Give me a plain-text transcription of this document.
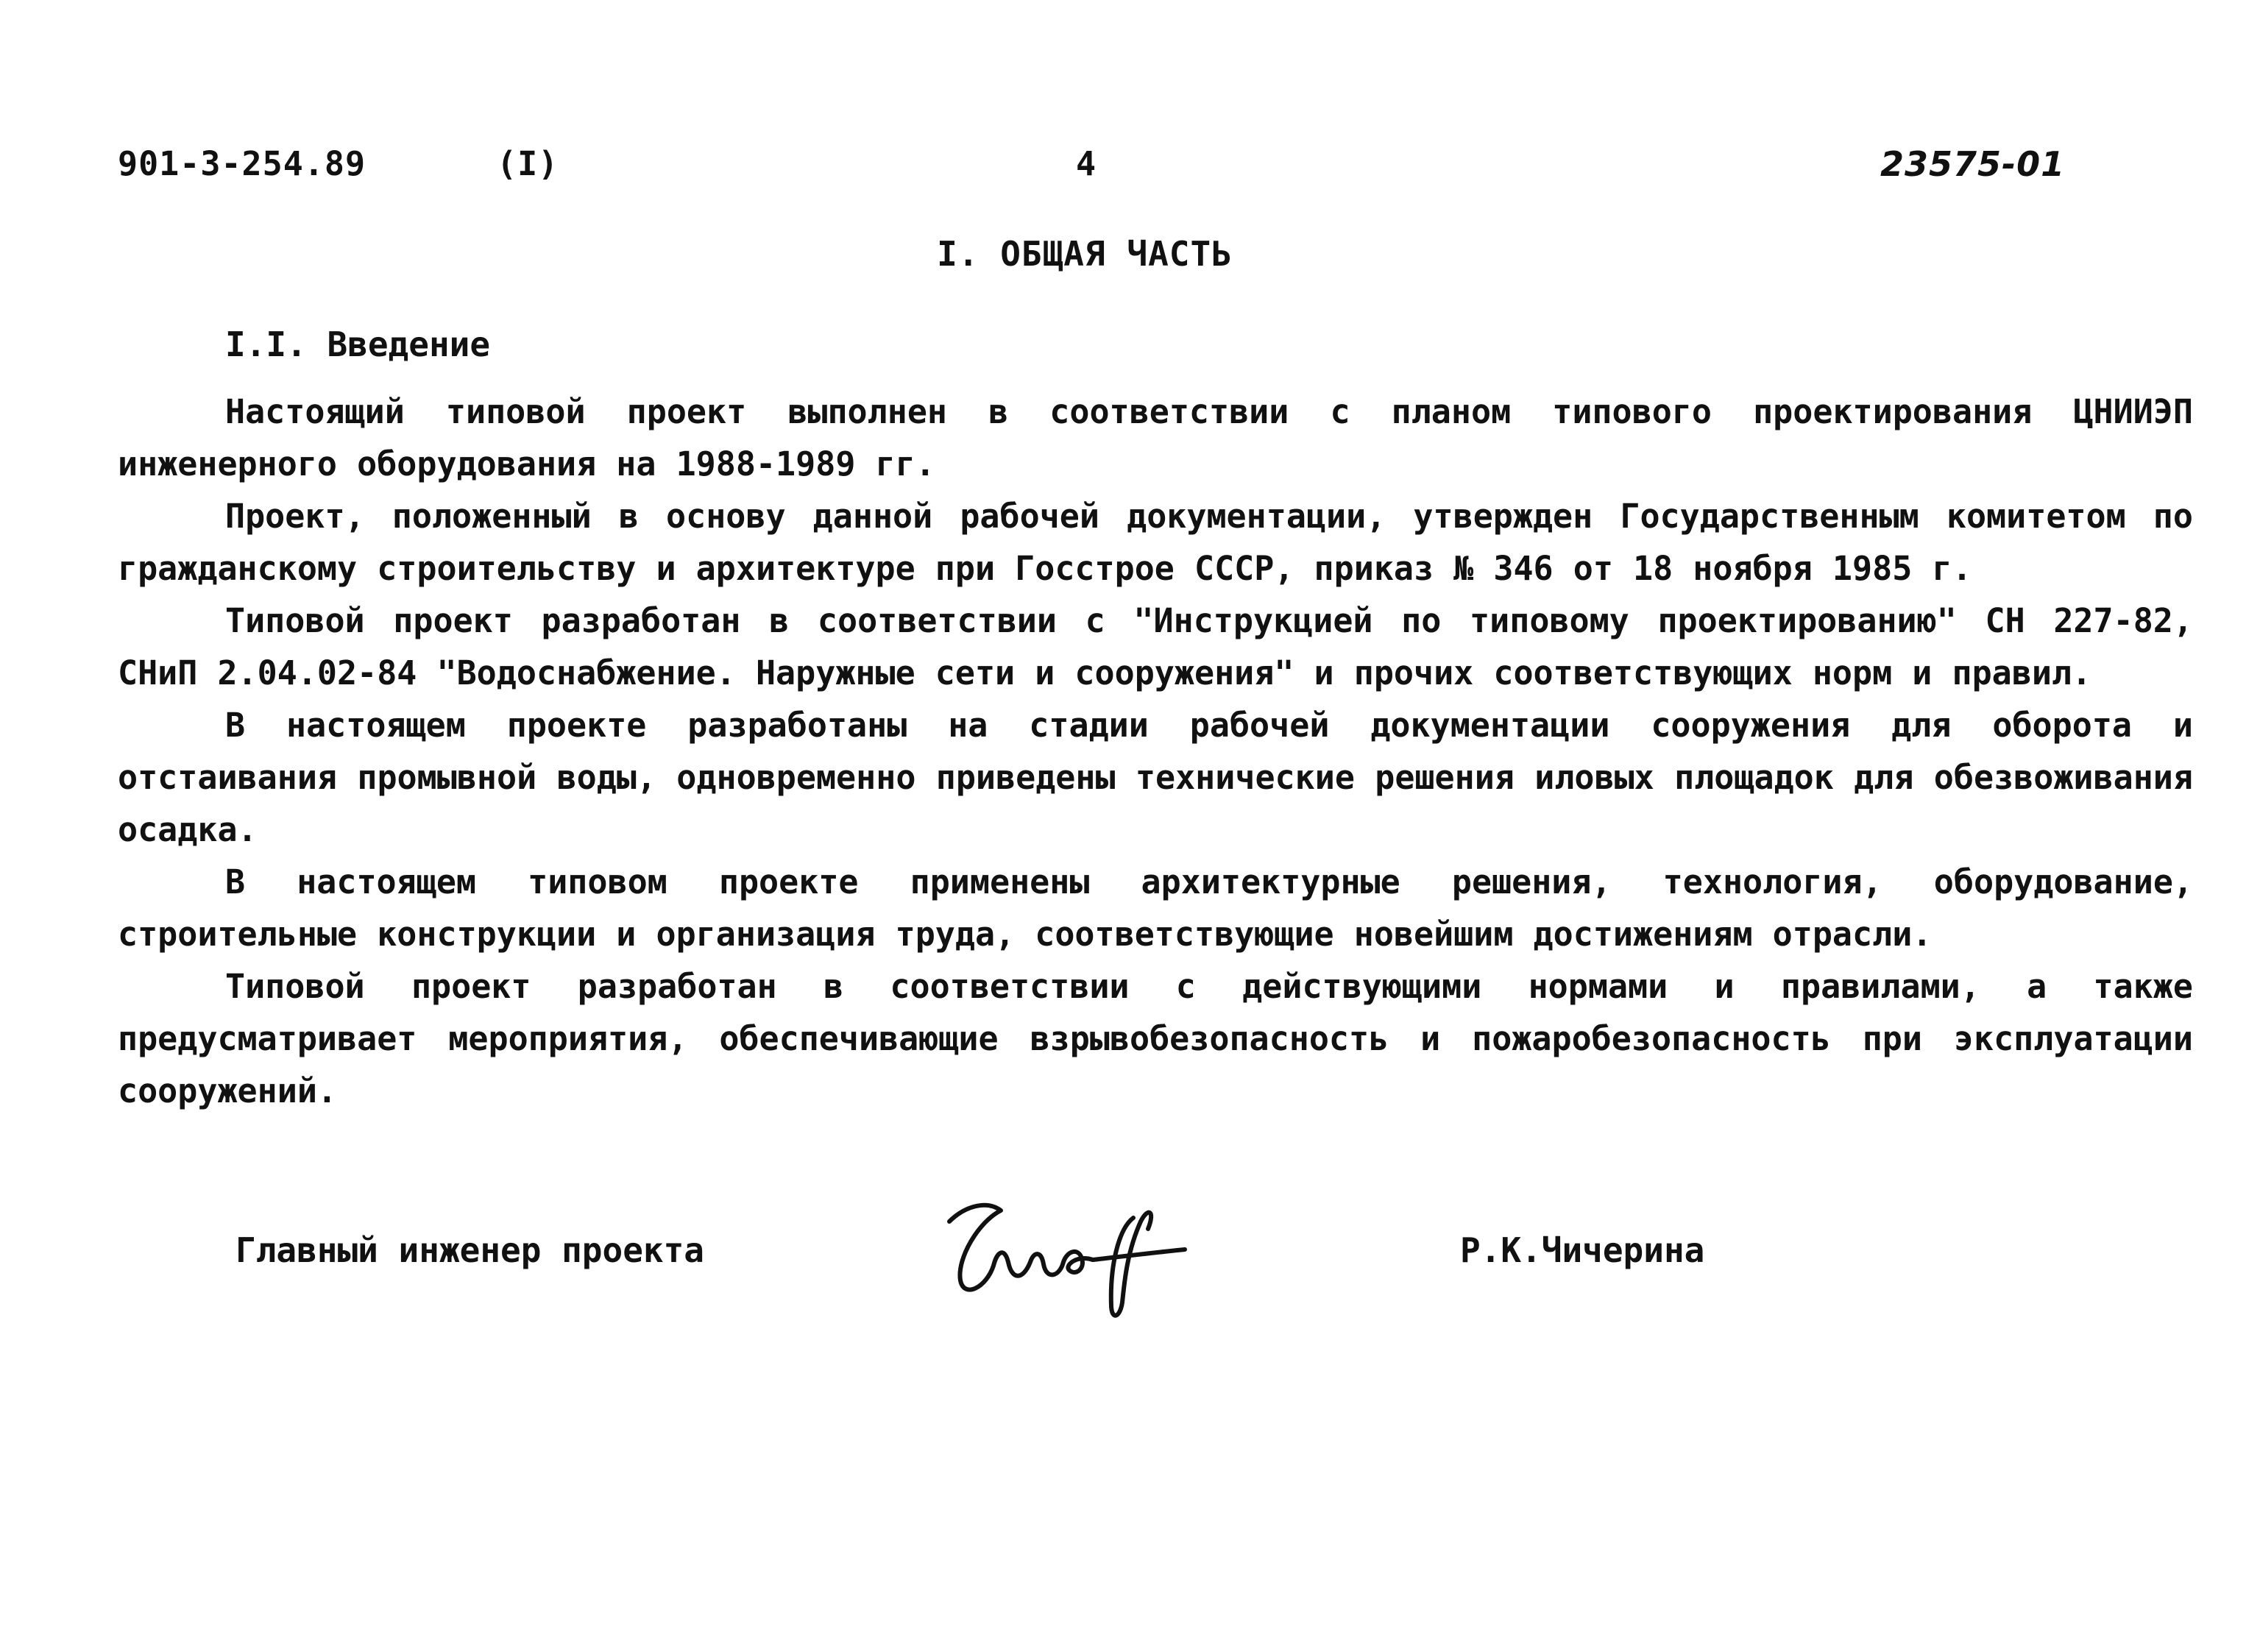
901-3-254.89	(I)	4	23575-01
I. ОБЩАЯ ЧАСТЬ
I.I. Введение

Настоящий типовой проект выполнен в соответствии с планом типового проектирования ЦНИИЭП инженерного оборудования на 1988-1989 гг.

Проект, положенный в основу данной рабочей документации, утвержден Государственным комитетом по гражданскому строительству и архитектуре при Госстрое СССР, приказ № 346 от 18 ноября 1985 г.

Типовой проект разработан в соответствии с "Инструкцией по типовому проектированию" СН 227-82, СНиП 2.04.02-84 "Водоснабжение. Наружные сети и сооружения" и прочих соответствующих норм и правил.

В настоящем проекте разработаны на стадии рабочей документации сооружения для оборота и отстаивания промывной воды, одновременно приведены технические решения иловых площадок для обезвоживания осадка.

В настоящем типовом проекте применены архитектурные решения, технология, оборудование, строительные конструкции и организация труда, соответствующие новейшим достижениям отрасли.

Типовой проект разработан в соответствии с действующими нормами и правилами, а также предусматривает мероприятия, обеспечивающие взрывобезопасность и пожаробезопасность при эксплуатации сооружений.

Главный инженер проекта	Р.К.Чичерина
